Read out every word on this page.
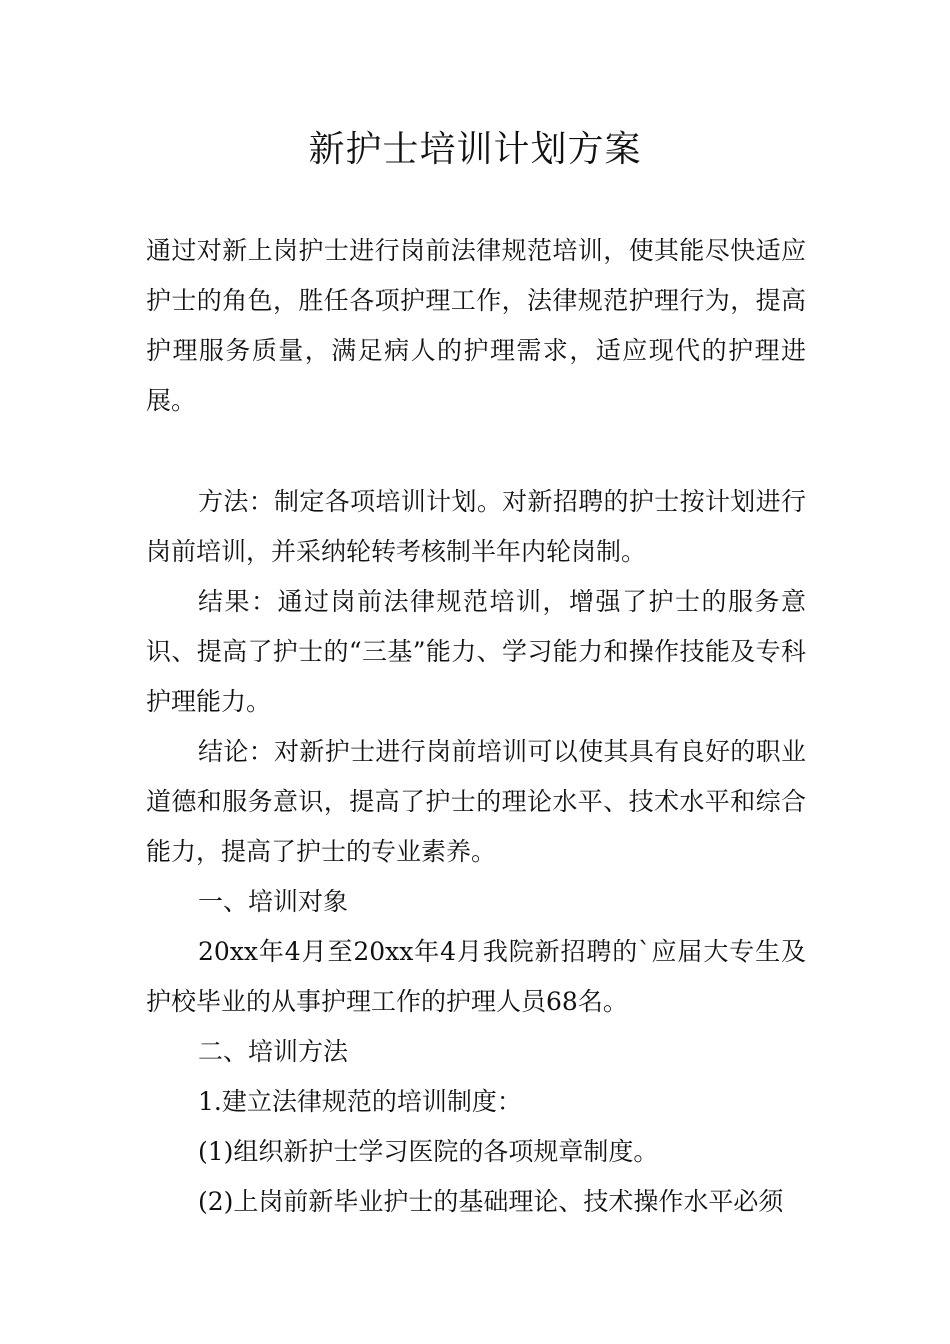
新护士培训计划方案

通过对新上岗护士进行岗前法律规范培训，使其能尽快适应护士的角色，胜任各项护理工作，法律规范护理行为，提高护理服务质量，满足病人的护理需求，适应现代的护理进展。

方法：制定各项培训计划。对新招聘的护士按计划进行岗前培训，并采纳轮转考核制半年内轮岗制。

结果：通过岗前法律规范培训，增强了护士的服务意识、提高了护士的“三基”能力、学习能力和操作技能及专科护理能力。

结论：对新护士进行岗前培训可以使其具有良好的职业道德和服务意识，提高了护士的理论水平、技术水平和综合能力，提高了护士的专业素养。

一、培训对象

20xx年4月至20xx年4月我院新招聘的`应届大专生及护校毕业的从事护理工作的护理人员68名。

二、培训方法

1.建立法律规范的培训制度：

(1)组织新护士学习医院的各项规章制度。

(2)上岗前新毕业护士的基础理论、技术操作水平必须
